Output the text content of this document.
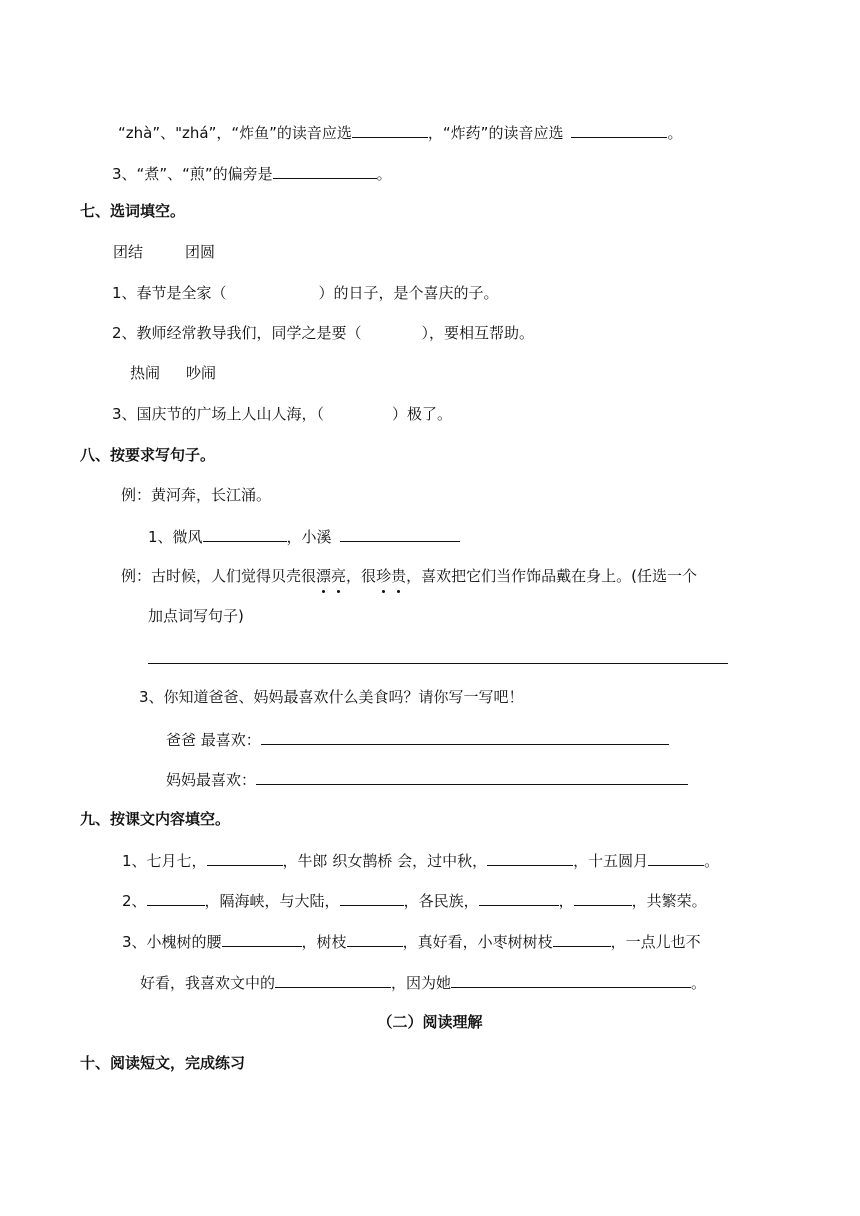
“zhà”、"zhá”，“炸鱼”的读音应选	，“炸药”的读音应选	。
3、“煮”、“煎”的偏旁是	。
七、选词填空。
团结	团圆
1、春节是全家（	）的日子，是个喜庆的子。
2、教师经常教导我们，同学之是要（	），要相互帮助。
热闹 吵闹
3、国庆节的广场上人山人海，（	）极了。
八、按要求写句子。
例：黄河奔，长江涌。
1、微风	，小溪
例：古时候，人们觉得贝壳很漂亮，很珍贵，喜欢把它们当作饰品戴在身上。(任选一个
加点词写句子)
3、你知道爸爸、妈妈最喜欢什么美食吗？请你写一写吧！
爸爸 最喜欢：
妈妈最喜欢：
九、按课文内容填空。
1、七月七，	，牛郎 织女鹊桥 会，过中秋，	，十五圆月	。
2、	，隔海峡，与大陆，	，各民族，	，	，共繁荣。
3、小槐树的腰	，树枝	，真好看，小枣树树枝	，一点儿也不
好看，我喜欢文中的	，因为她	。
（二）阅读理解
十、阅读短文，完成练习
